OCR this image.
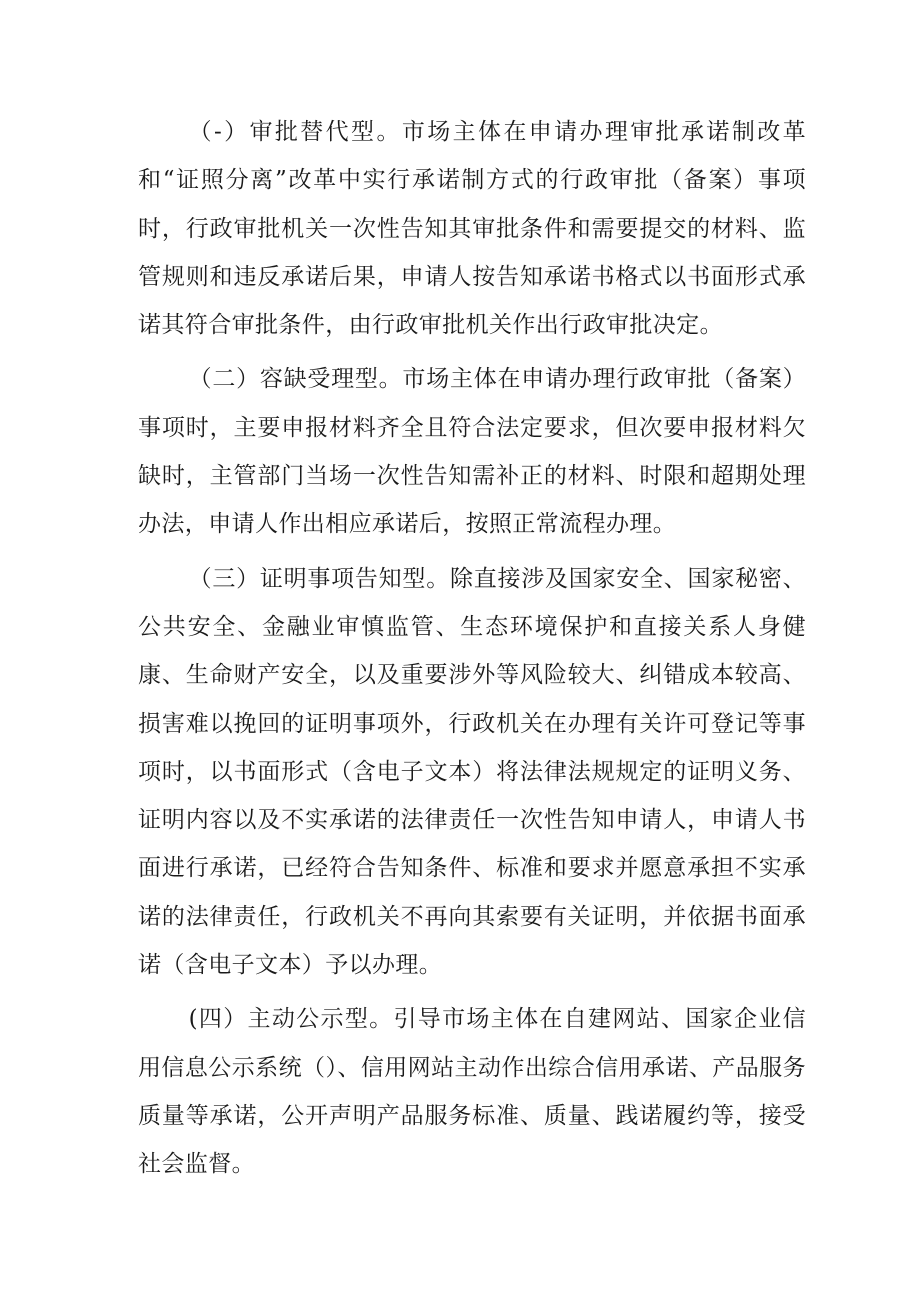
（-）审批替代型。市场主体在申请办理审批承诺制改革和“证照分离”改革中实行承诺制方式的行政审批（备案）事项时，行政审批机关一次性告知其审批条件和需要提交的材料、监管规则和违反承诺后果，申请人按告知承诺书格式以书面形式承诺其符合审批条件，由行政审批机关作出行政审批决定。

（二）容缺受理型。市场主体在申请办理行政审批（备案）事项时，主要申报材料齐全且符合法定要求，但次要申报材料欠缺时，主管部门当场一次性告知需补正的材料、时限和超期处理办法，申请人作出相应承诺后，按照正常流程办理。

（三）证明事项告知型。除直接涉及国家安全、国家秘密、公共安全、金融业审慎监管、生态环境保护和直接关系人身健康、生命财产安全，以及重要涉外等风险较大、纠错成本较高、损害难以挽回的证明事项外，行政机关在办理有关许可登记等事项时，以书面形式（含电子文本）将法律法规规定的证明义务、证明内容以及不实承诺的法律责任一次性告知申请人，申请人书面进行承诺，已经符合告知条件、标准和要求并愿意承担不实承诺的法律责任，行政机关不再向其索要有关证明，并依据书面承诺（含电子文本）予以办理。

(四）主动公示型。引导市场主体在自建网站、国家企业信用信息公示系统（）、信用网站主动作出综合信用承诺、产品服务质量等承诺，公开声明产品服务标准、质量、践诺履约等，接受社会监督。
